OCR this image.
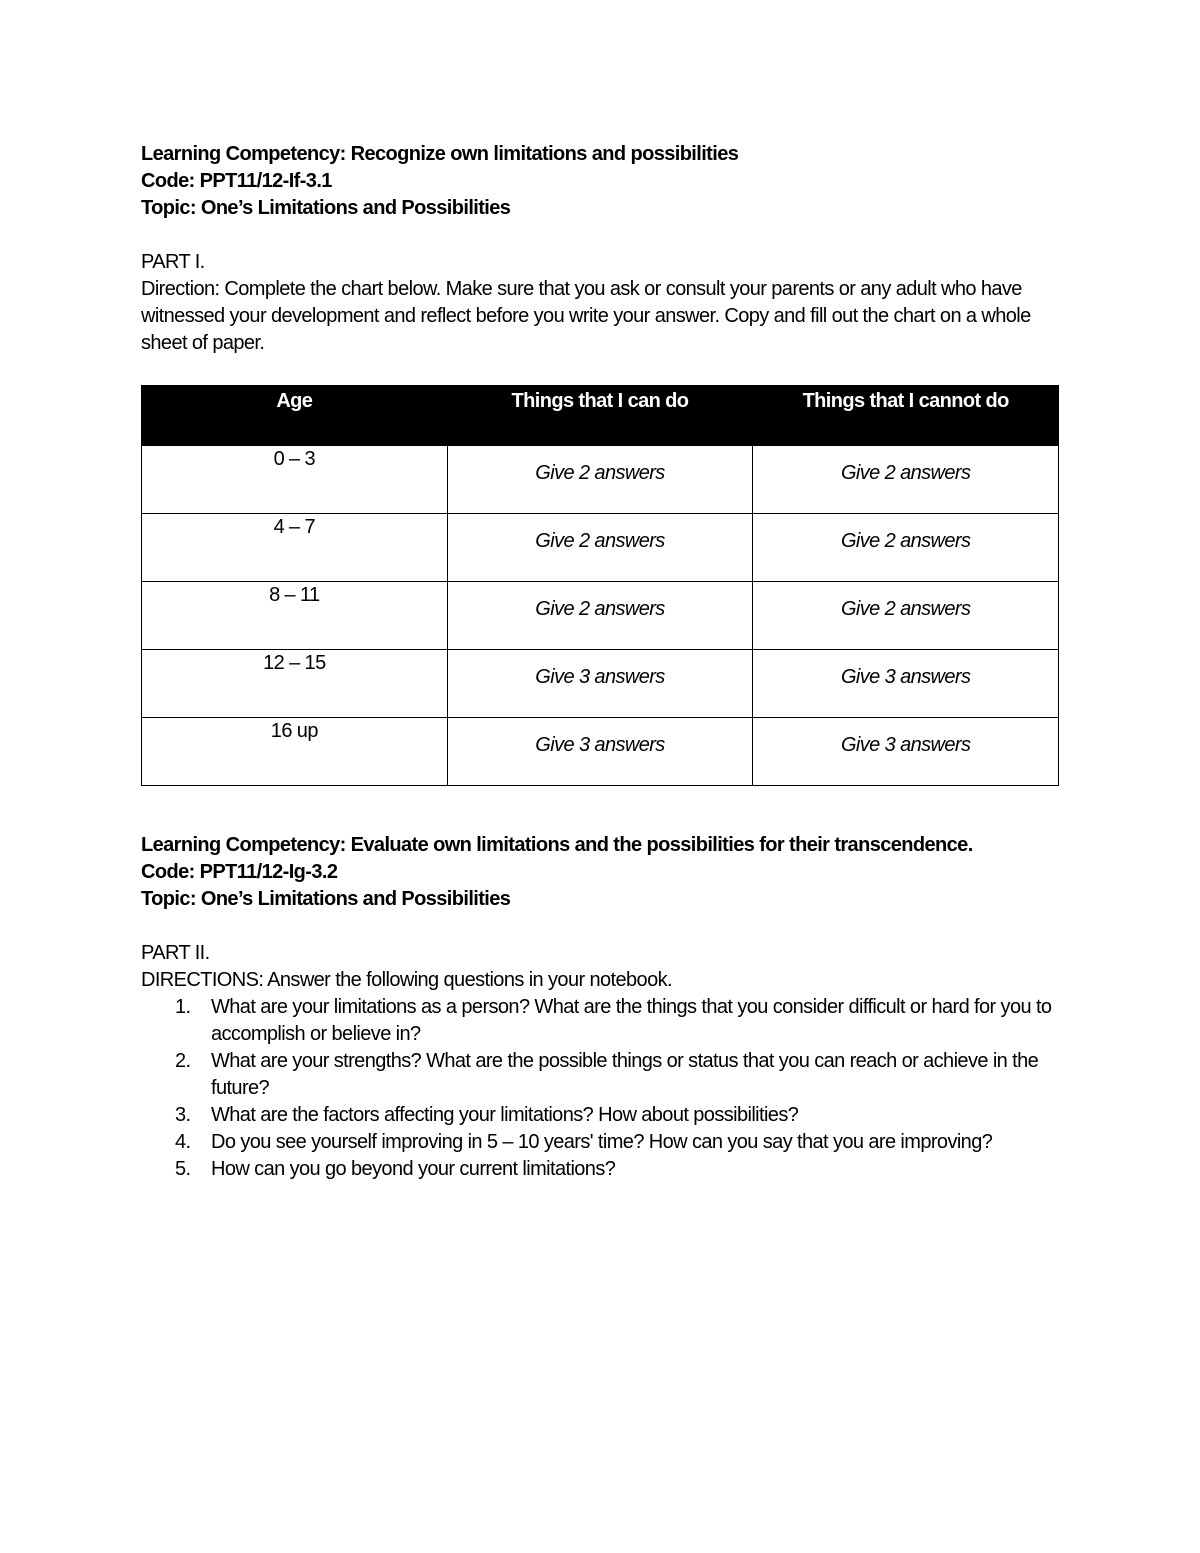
Learning Competency: Recognize own limitations and possibilities
Code: PPT11/12-If-3.1
Topic: One’s Limitations and Possibilities
PART I.
Direction: Complete the chart below. Make sure that you ask or consult your parents or any adult who have witnessed your development and reflect before you write your answer. Copy and fill out the chart on a whole sheet of paper.
Age	Things that I can do	Things that I cannot do
0 – 3	Give 2 answers	Give 2 answers
4 – 7	Give 2 answers	Give 2 answers
8 – 11	Give 2 answers	Give 2 answers
12 – 15	Give 3 answers	Give 3 answers
16 up	Give 3 answers	Give 3 answers
Learning Competency: Evaluate own limitations and the possibilities for their transcendence.
Code: PPT11/12-Ig-3.2
Topic: One’s Limitations and Possibilities
PART II.
DIRECTIONS: Answer the following questions in your notebook.
1. What are your limitations as a person? What are the things that you consider difficult or hard for you to accomplish or believe in?
2. What are your strengths? What are the possible things or status that you can reach or achieve in the future?
3. What are the factors affecting your limitations? How about possibilities?
4. Do you see yourself improving in 5 – 10 years' time? How can you say that you are improving?
5. How can you go beyond your current limitations?
